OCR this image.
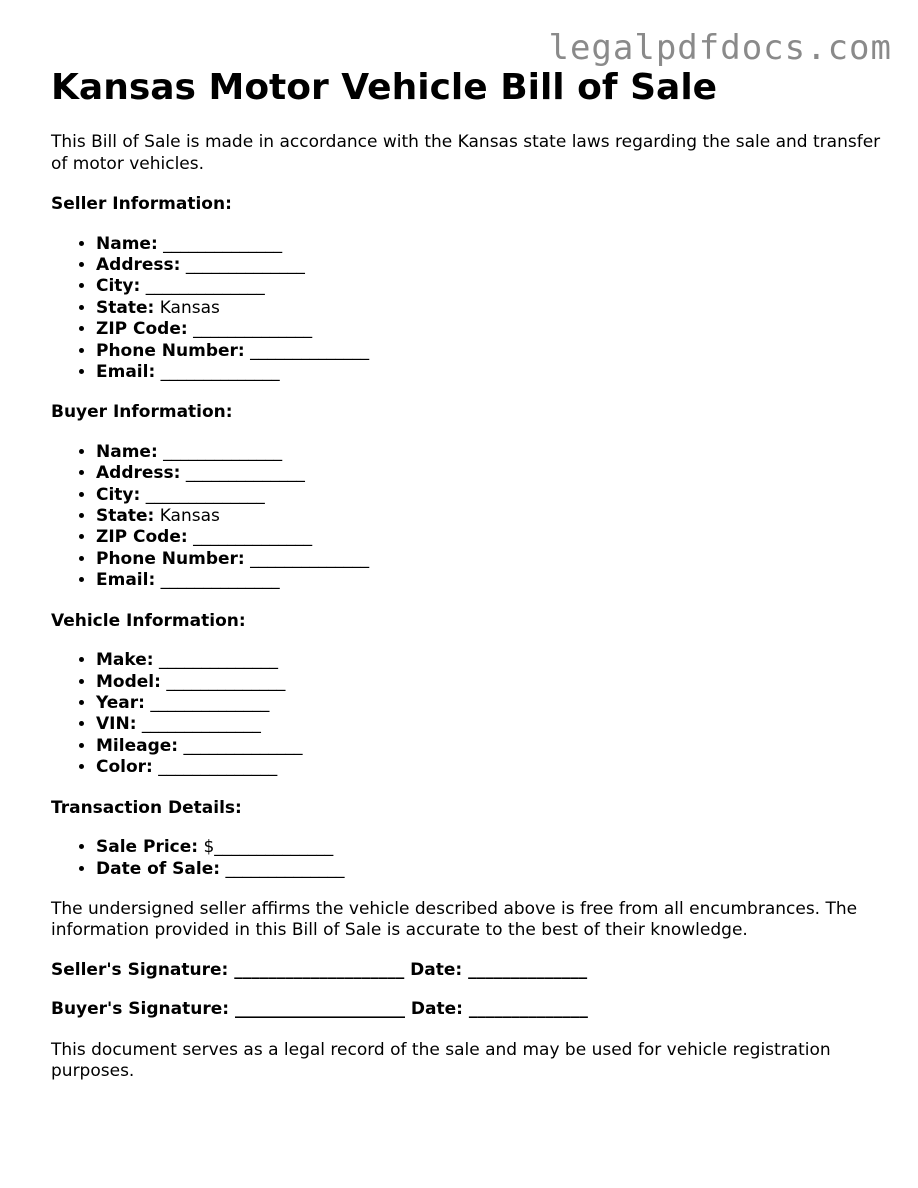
legalpdfdocs.com
Kansas Motor Vehicle Bill of Sale

This Bill of Sale is made in accordance with the Kansas state laws regarding the sale and transfer of motor vehicles.

Seller Information:

• Name: ______________
• Address: ______________
• City: ______________
• State: Kansas
• ZIP Code: ______________
• Phone Number: ______________
• Email: ______________

Buyer Information:

• Name: ______________
• Address: ______________
• City: ______________
• State: Kansas
• ZIP Code: ______________
• Phone Number: ______________
• Email: ______________

Vehicle Information:

• Make: ______________
• Model: ______________
• Year: ______________
• VIN: ______________
• Mileage: ______________
• Color: ______________

Transaction Details:

• Sale Price: $______________
• Date of Sale: ______________

The undersigned seller affirms the vehicle described above is free from all encumbrances. The information provided in this Bill of Sale is accurate to the best of their knowledge.

Seller's Signature: ____________________ Date: ______________

Buyer's Signature: ____________________ Date: ______________

This document serves as a legal record of the sale and may be used for vehicle registration purposes.
